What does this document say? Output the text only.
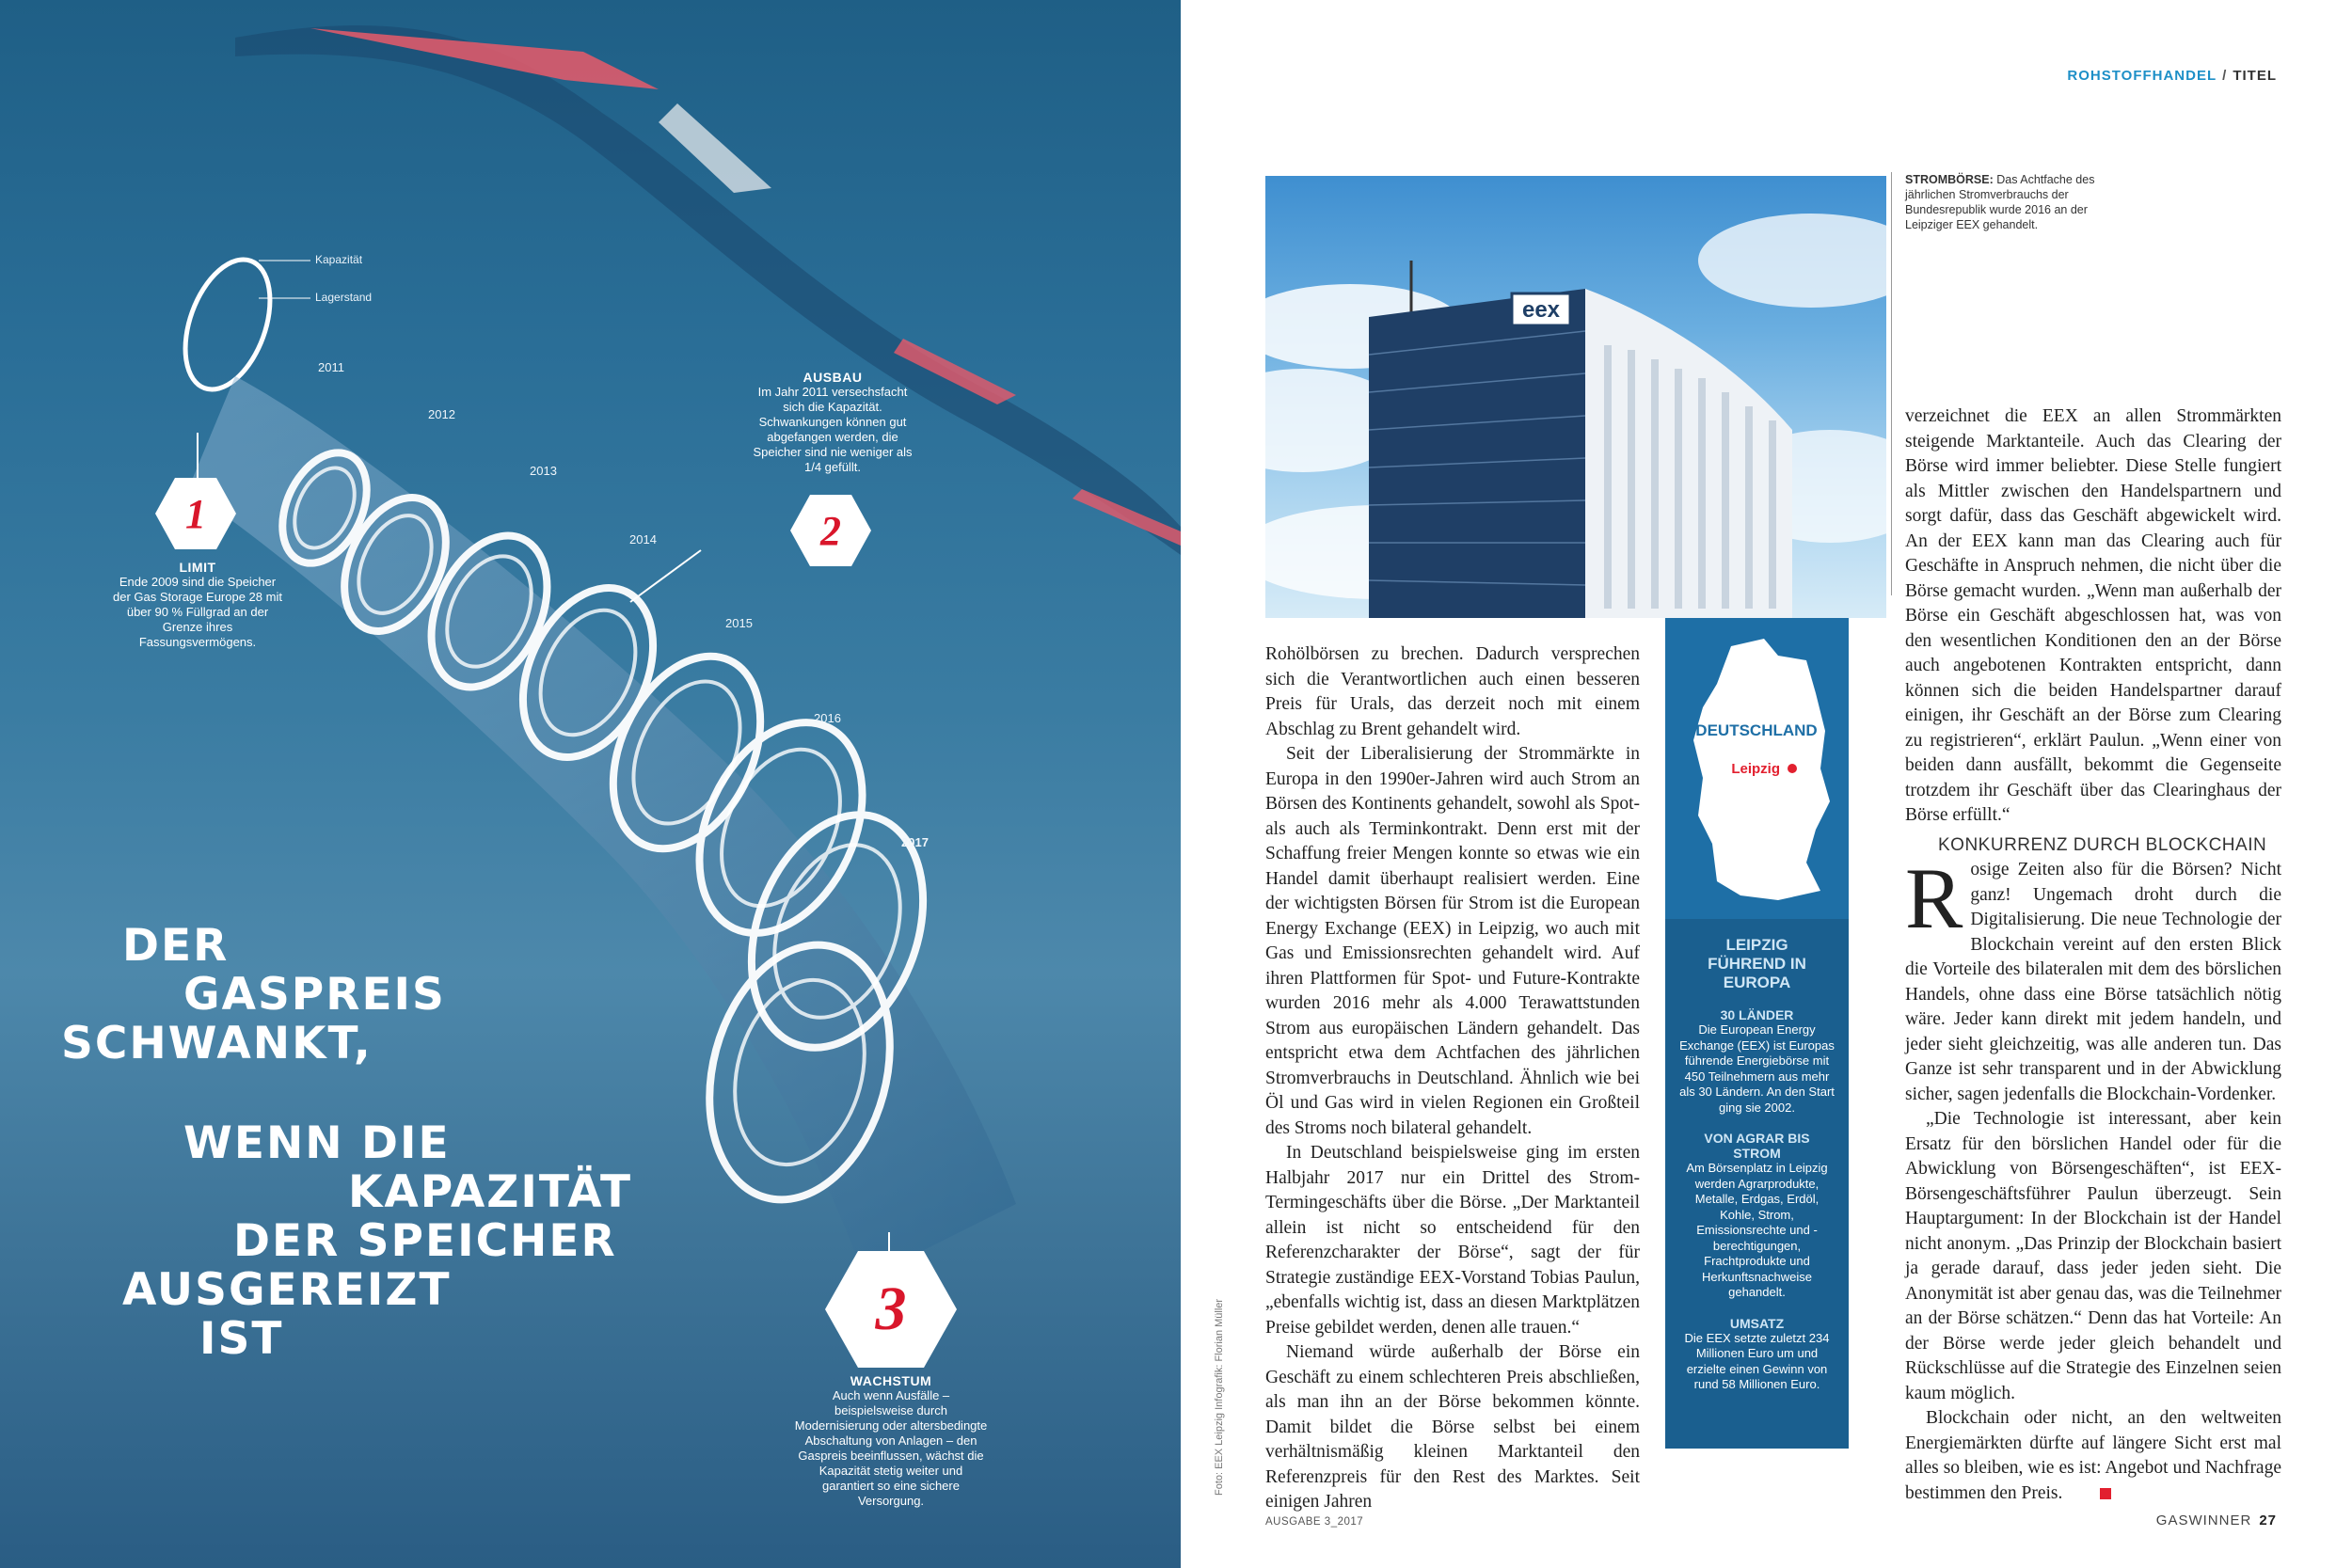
Kapazität
Lagerstand
2011
2012
2013
2014
2015
2016
2017
1
LIMIT
Ende 2009 sind die Speicher der Gas Storage Europe 28 mit über 90 % Füllgrad an der Grenze ihres Fassungsvermögens.
2
AUSBAU
Im Jahr 2011 versechsfacht sich die Kapazität. Schwankungen können gut abgefangen werden, die Speicher sind nie weniger als 1/4 gefüllt.
3
WACHSTUM
Auch wenn Ausfälle – beispielsweise durch Modernisierung oder altersbedingte Abschaltung von Anlagen – den Gaspreis beeinflussen, wächst die Kapazität stetig weiter und garantiert so eine sichere Versorgung.
DER
GASPREIS
SCHWANKT,
WENN DIE
KAPAZITÄT
DER SPEICHER
AUSGEREIZT
IST	Foto: EEX Leipzig Infografik: Florian Müller
ROHSTOFFHANDEL / TITEL
eex
STROMBÖRSE: Das Achtfache des jährlichen Stromverbrauchs der Bundesrepublik wurde 2016 an der Leipziger EEX gehandelt.
DEUTSCHLAND
Leipzig
LEIPZIG FÜHREND IN EUROPA
30 LÄNDER
Die European Energy Exchange (EEX) ist Europas führende Energiebörse mit 450 Teilnehmern aus mehr als 30 Ländern. An den Start ging sie 2002.
VON AGRAR BIS STROM
Am Börsenplatz in Leipzig werden Agrarprodukte, Metalle, Erdgas, Erdöl, Kohle, Strom, Emissionsrechte und -berechtigungen, Frachtprodukte und Herkunftsnachweise gehandelt.
UMSATZ
Die EEX setzte zuletzt 234 Millionen Euro um und erzielte einen Gewinn von rund 58 Millionen Euro.

Rohölbörsen zu brechen. Dadurch versprechen sich die Verantwortlichen auch einen besseren Preis für Urals, das derzeit noch mit einem Abschlag zu Brent gehandelt wird.

Seit der Liberalisierung der Strommärkte in Europa in den 1990er-Jahren wird auch Strom an Börsen des Kontinents gehandelt, sowohl als Spot- als auch als Terminkontrakt. Denn erst mit der Schaffung freier Mengen konnte so etwas wie ein Handel damit überhaupt realisiert werden. Eine der wichtigsten Börsen für Strom ist die European Energy Exchange (EEX) in Leipzig, wo auch mit Gas und Emissionsrechten gehandelt wird. Auf ihren Plattformen für Spot- und Future-Kontrakte wurden 2016 mehr als 4.000 Terawattstunden Strom aus europäischen Ländern gehandelt. Das entspricht etwa dem Achtfachen des jährlichen Stromverbrauchs in Deutschland. Ähnlich wie bei Öl und Gas wird in vielen Regionen ein Großteil des Stroms noch bilateral gehandelt.

In Deutschland beispielsweise ging im ersten Halbjahr 2017 nur ein Drittel des Strom-Termingeschäfts über die Börse. „Der Marktanteil allein ist nicht so entscheidend für den Referenzcharakter der Börse“, sagt der für Strategie zuständige EEX-Vorstand Tobias Paulun, „ebenfalls wichtig ist, dass an diesen Marktplätzen Preise gebildet werden, denen alle trauen.“

Niemand würde außerhalb der Börse ein Geschäft zu einem schlechteren Preis abschließen, als man ihn an der Börse bekommen könnte. Damit bildet die Börse selbst bei einem verhältnismäßig kleinen Marktanteil den Referenzpreis für den Rest des Marktes. Seit einigen Jahren

verzeichnet die EEX an allen Strommärkten steigende Marktanteile. Auch das Clearing der Börse wird immer beliebter. Diese Stelle fungiert als Mittler zwischen den Handelspartnern und sorgt dafür, dass das Geschäft abgewickelt wird. An der EEX kann man das Clearing auch für Geschäfte in Anspruch nehmen, die nicht über die Börse gemacht wurden. „Wenn man außerhalb der Börse ein Geschäft abgeschlossen hat, was von den wesentlichen Konditionen den an der Börse auch angebotenen Kontrakten entspricht, dann können sich die beiden Handelspartner darauf einigen, ihr Geschäft an der Börse zum Clearing zu registrieren“, erklärt Paulun. „Wenn einer von beiden dann ausfällt, bekommt die Gegenseite trotzdem ihr Geschäft über das Clearinghaus der Börse erfüllt.“

KONKURRENZ DURCH BLOCKCHAIN

Rosige Zeiten also für die Börsen? Nicht ganz! Ungemach droht durch die Digitalisierung. Die neue Technologie der Blockchain vereint auf den ersten Blick die Vorteile des bilateralen mit dem des börslichen Handels, ohne dass eine Börse tatsächlich nötig wäre. Jeder kann direkt mit jedem handeln, und jeder sieht gleichzeitig, was alle anderen tun. Das Ganze ist sehr transparent und in der Abwicklung sicher, sagen jedenfalls die Blockchain-Vordenker.

„Die Technologie ist interessant, aber kein Ersatz für den börslichen Handel oder für die Abwicklung von Börsengeschäften“, ist EEX-Börsengeschäftsführer Paulun überzeugt. Sein Hauptargument: In der Blockchain ist der Handel nicht anonym. „Das Prinzip der Blockchain basiert ja gerade darauf, dass jeder jeden sieht. Die Anonymität ist aber genau das, was die Teilnehmer an der Börse schätzen.“ Denn das hat Vorteile: An der Börse werde jeder gleich behandelt und Rückschlüsse auf die Strategie des Einzelnen seien kaum möglich.

Blockchain oder nicht, an den weltweiten Energiemärkten dürfte auf längere Sicht erst mal alles so bleiben, wie es ist: Angebot und Nachfrage bestimmen den Preis.

AUSGABE 3_2017	GASWINNER 27
